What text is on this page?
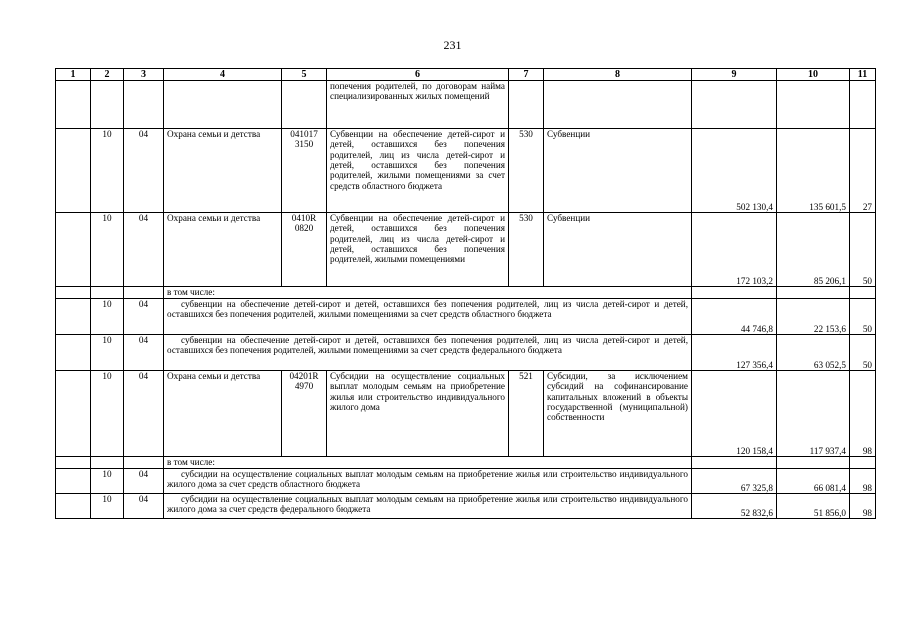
231
1	2	3	4	5	6	7	8	9	10	11
					попечения родителей, по договорам найма специализированных жилых помещений					
	10	04	Охрана семьи и детства	041017 3150	Субвенции на обеспечение детей-сирот и детей, оставшихся без попечения родителей, лиц из числа детей-сирот и детей, оставшихся без попечения родителей, жилыми помещениями за счет средств областного бюджета	530	Субвенции	502 130,4	135 601,5	27
	10	04	Охрана семьи и детства	0410R 0820	Субвенции на обеспечение детей-сирот и детей, оставшихся без попечения родителей, лиц из числа детей-сирот и детей, оставшихся без попечения родителей, жилыми помещениями	530	Субвенции	172 103,2	85 206,1	50
			в том числе:							
	10	04	субвенции на обеспечение детей-сирот и детей, оставшихся без попечения родителей, лиц из числа детей-сирот и детей, оставшихся без попечения родителей, жилыми помещениями за счет средств областного бюджета					44 746,8	22 153,6	50
	10	04	субвенции на обеспечение детей-сирот и детей, оставшихся без попечения родителей, лиц из числа детей-сирот и детей, оставшихся без попечения родителей, жилыми помещениями за счет средств федерального бюджета					127 356,4	63 052,5	50
	10	04	Охрана семьи и детства	04201R 4970	Субсидии на осуществление социальных выплат молодым семьям на приобретение жилья или строительство индивидуального жилого дома	521	Субсидии, за исключением субсидий на софинансирование капитальных вложений в объекты государственной (муниципальной) собственности	120 158,4	117 937,4	98
			в том числе:							
	10	04	субсидии на осуществление социальных выплат молодым семьям на приобретение жилья или строительство индивидуального жилого дома за счет средств областного бюджета					67 325,8	66 081,4	98
	10	04	субсидии на осуществление социальных выплат молодым семьям на приобретение жилья или строительство индивидуального жилого дома за счет средств федерального бюджета					52 832,6	51 856,0	98
